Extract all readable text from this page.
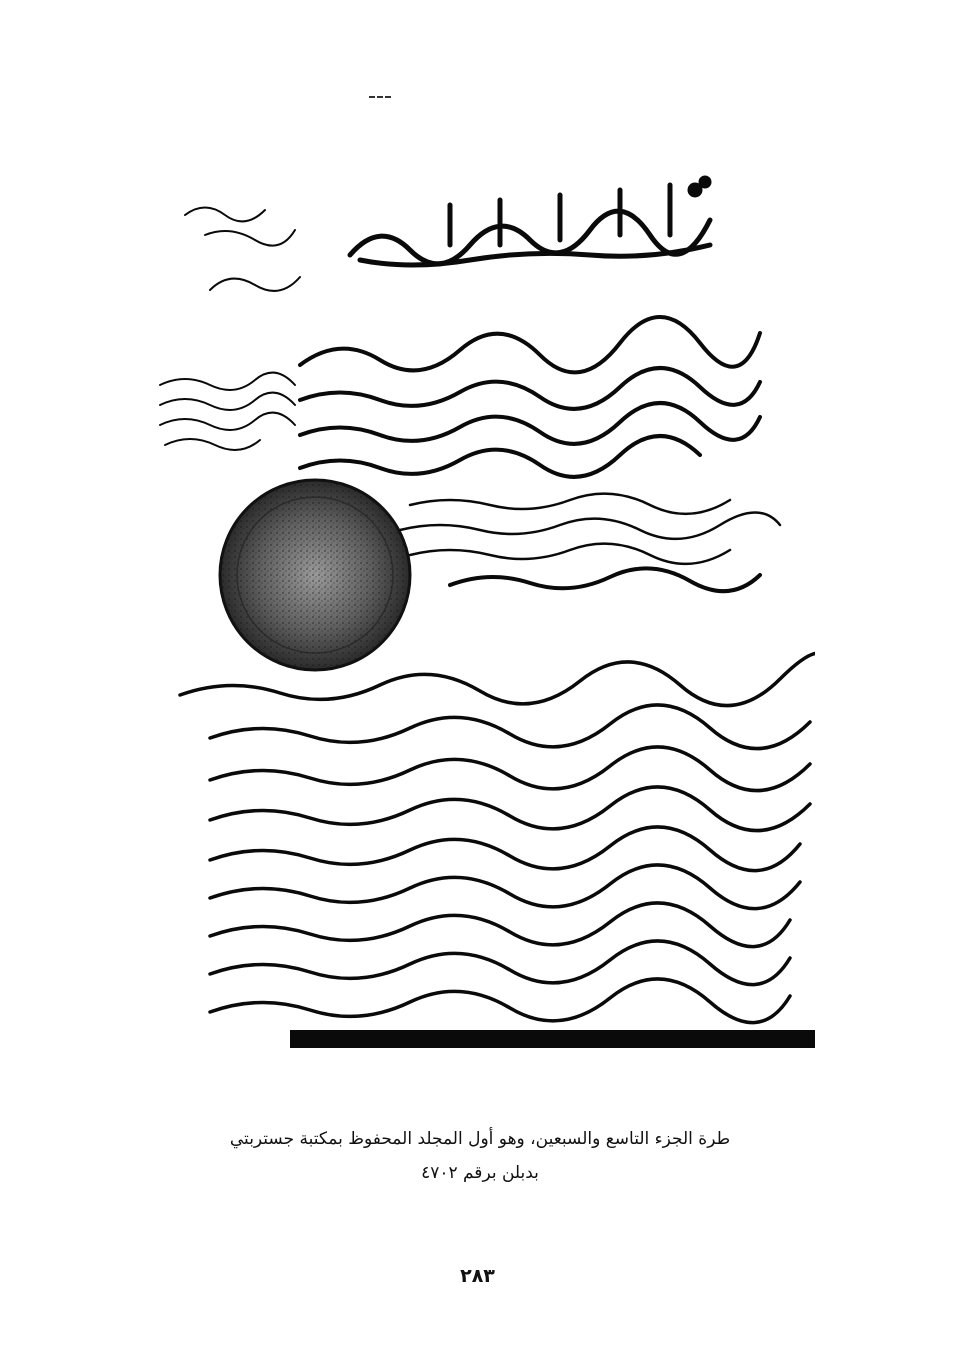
طرة الجزء التاسع والسبعين، وهو أول المجلد المحفوظ بمكتبة جستربتي
بدبلن برقم ٤٧٠٢
٢٨٣
